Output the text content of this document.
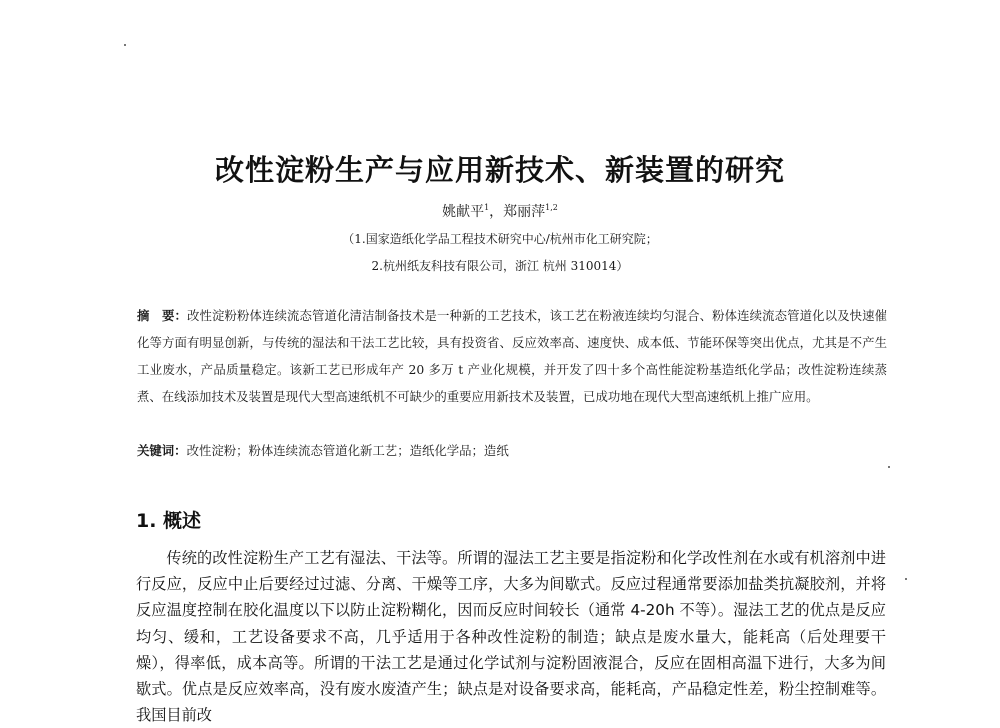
改性淀粉生产与应用新技术、新装置的研究
姚献平$^1$，郑丽萍$^{1,2}$
（1.国家造纸化学品工程技术研究中心/杭州市化工研究院；
2.杭州纸友科技有限公司，浙江 杭州 310014）
摘　要：改性淀粉粉体连续流态管道化清洁制备技术是一种新的工艺技术，该工艺在粉液连续均匀混合、粉体连续流态管道化以及快速催化等方面有明显创新，与传统的湿法和干法工艺比较，具有投资省、反应效率高、速度快、成本低、节能环保等突出优点，尤其是不产生工业废水，产品质量稳定。该新工艺已形成年产 20 多万 t 产业化规模，并开发了四十多个高性能淀粉基造纸化学品；改性淀粉连续蒸煮、在线添加技术及装置是现代大型高速纸机不可缺少的重要应用新技术及装置，已成功地在现代大型高速纸机上推广应用。
关键词：改性淀粉；粉体连续流态管道化新工艺；造纸化学品；造纸
1. 概述
传统的改性淀粉生产工艺有湿法、干法等。所谓的湿法工艺主要是指淀粉和化学改性剂在水或有机溶剂中进行反应，反应中止后要经过过滤、分离、干燥等工序，大多为间歇式。反应过程通常要添加盐类抗凝胶剂，并将反应温度控制在胶化温度以下以防止淀粉糊化，因而反应时间较长（通常 4-20h 不等）。湿法工艺的优点是反应均匀、缓和，工艺设备要求不高，几乎适用于各种改性淀粉的制造；缺点是废水量大，能耗高（后处理要干燥），得率低，成本高等。所谓的干法工艺是通过化学试剂与淀粉固液混合，反应在固相高温下进行，大多为间歇式。优点是反应效率高，没有废水废渣产生；缺点是对设备要求高，能耗高，产品稳定性差，粉尘控制难等。我国目前改
